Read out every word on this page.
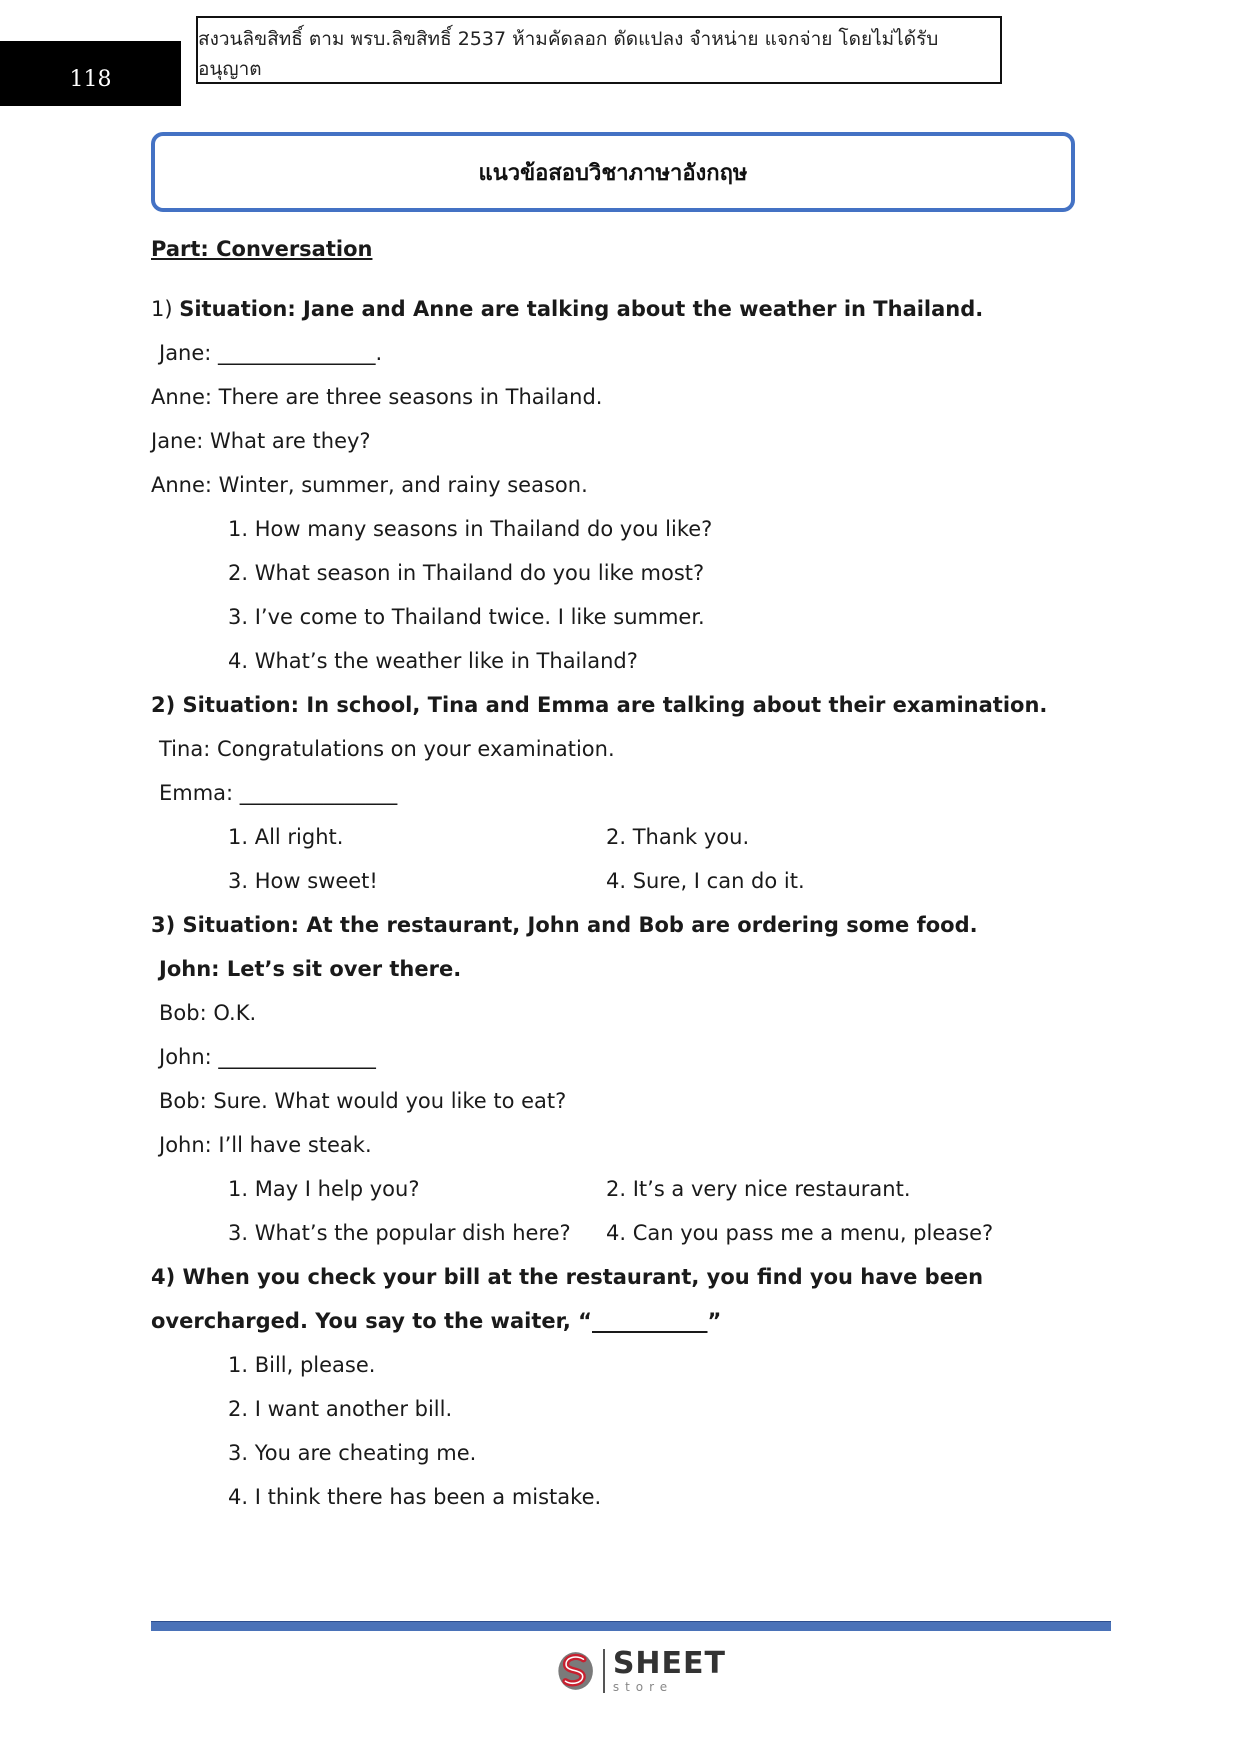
118
สงวนลิขสิทธิ์ ตาม พรบ.ลิขสิทธิ์ 2537 ห้ามคัดลอก ดัดแปลง จำหน่าย แจกจ่าย โดยไม่ได้รับอนุญาต
แนวข้อสอบวิชาภาษาอังกฤษ
Part: Conversation
1) Situation: Jane and Anne are talking about the weather in Thailand.
Jane: _______________.
Anne: There are three seasons in Thailand.
Jane: What are they?
Anne: Winter, summer, and rainy season.
1. How many seasons in Thailand do you like?
2. What season in Thailand do you like most?
3. I’ve come to Thailand twice. I like summer.
4. What’s the weather like in Thailand?
2) Situation: In school, Tina and Emma are talking about their examination.
Tina: Congratulations on your examination.
Emma: _______________
1. All right.	2. Thank you.
3. How sweet!	4. Sure, I can do it.
3) Situation: At the restaurant, John and Bob are ordering some food.
John: Let’s sit over there.
Bob: O.K.
John: _______________
Bob: Sure. What would you like to eat?
John: I’ll have steak.
1. May I help you?	2. It’s a very nice restaurant.
3. What’s the popular dish here?	4. Can you pass me a menu, please?
4) When you check your bill at the restaurant, you find you have been
overcharged. You say to the waiter, “___________”
1. Bill, please.
2. I want another bill.
3. You are cheating me.
4. I think there has been a mistake.
SHEET
store
